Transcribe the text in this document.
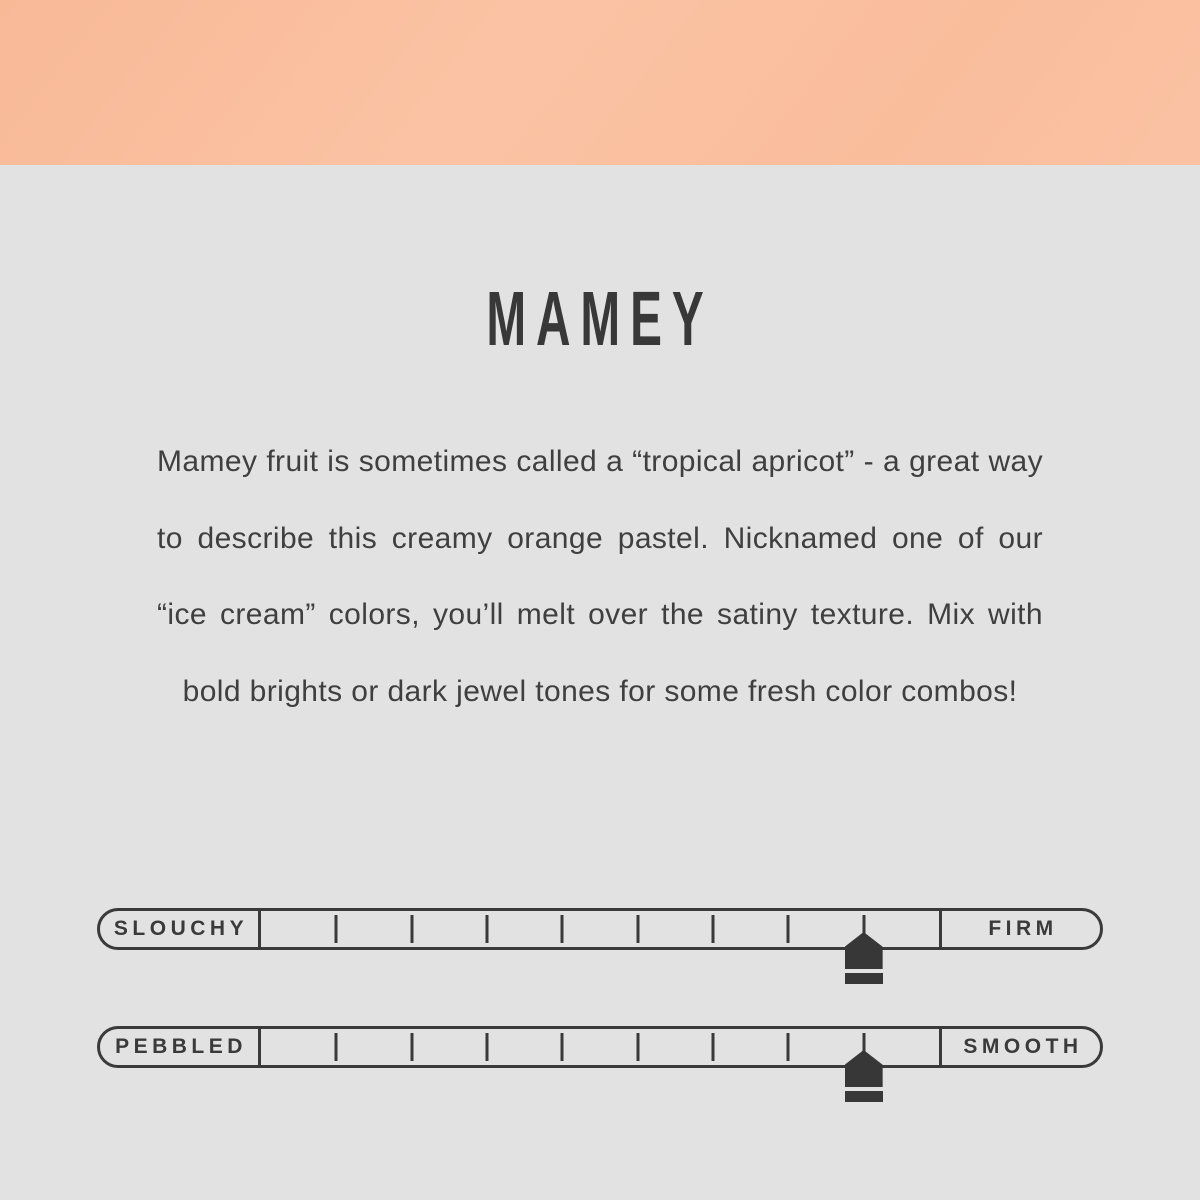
MAMEY

Mamey fruit is sometimes called a “tropical apricot” - a great way to describe this creamy orange pastel. Nicknamed one of our “ice cream” colors, you’ll melt over the satiny texture. Mix with bold brights or dark jewel tones for some fresh color combos!

SLOUCHY	FIRM
PEBBLED	SMOOTH
